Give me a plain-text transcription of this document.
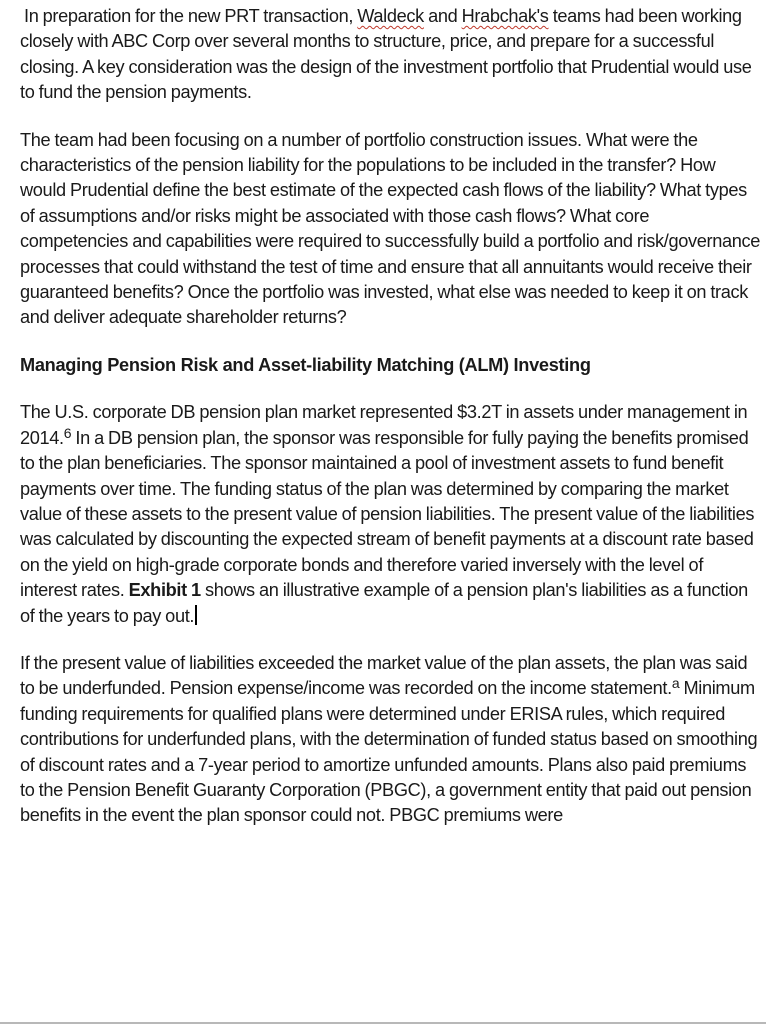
In preparation for the new PRT transaction, Waldeck and Hrabchak's teams had been working closely with ABC Corp over several months to structure, price, and prepare for a successful closing. A key consideration was the design of the investment portfolio that Prudential would use to fund the pension payments.

The team had been focusing on a number of portfolio construction issues. What were the characteristics of the pension liability for the populations to be included in the transfer? How would Prudential define the best estimate of the expected cash flows of the liability? What types of assumptions and/or risks might be associated with those cash flows? What core competencies and capabilities were required to successfully build a portfolio and risk/governance processes that could withstand the test of time and ensure that all annuitants would receive their guaranteed benefits? Once the portfolio was invested, what else was needed to keep it on track and deliver adequate shareholder returns?

Managing Pension Risk and Asset-liability Matching (ALM) Investing

The U.S. corporate DB pension plan market represented $3.2T in assets under management in 2014.$^6$ In a DB pension plan, the sponsor was responsible for fully paying the benefits promised to the plan beneficiaries. The sponsor maintained a pool of investment assets to fund benefit payments over time. The funding status of the plan was determined by comparing the market value of these assets to the present value of pension liabilities. The present value of the liabilities was calculated by discounting the expected stream of benefit payments at a discount rate based on the yield on high-grade corporate bonds and therefore varied inversely with the level of interest rates. Exhibit 1 shows an illustrative example of a pension plan's liabilities as a function of the years to pay out.

If the present value of liabilities exceeded the market value of the plan assets, the plan was said to be underfunded. Pension expense/income was recorded on the income statement.$^a$ Minimum funding requirements for qualified plans were determined under ERISA rules, which required contributions for underfunded plans, with the determination of funded status based on smoothing of discount rates and a 7-year period to amortize unfunded amounts. Plans also paid premiums to the Pension Benefit Guaranty Corporation (PBGC), a government entity that paid out pension benefits in the event the plan sponsor could not. PBGC premiums were
